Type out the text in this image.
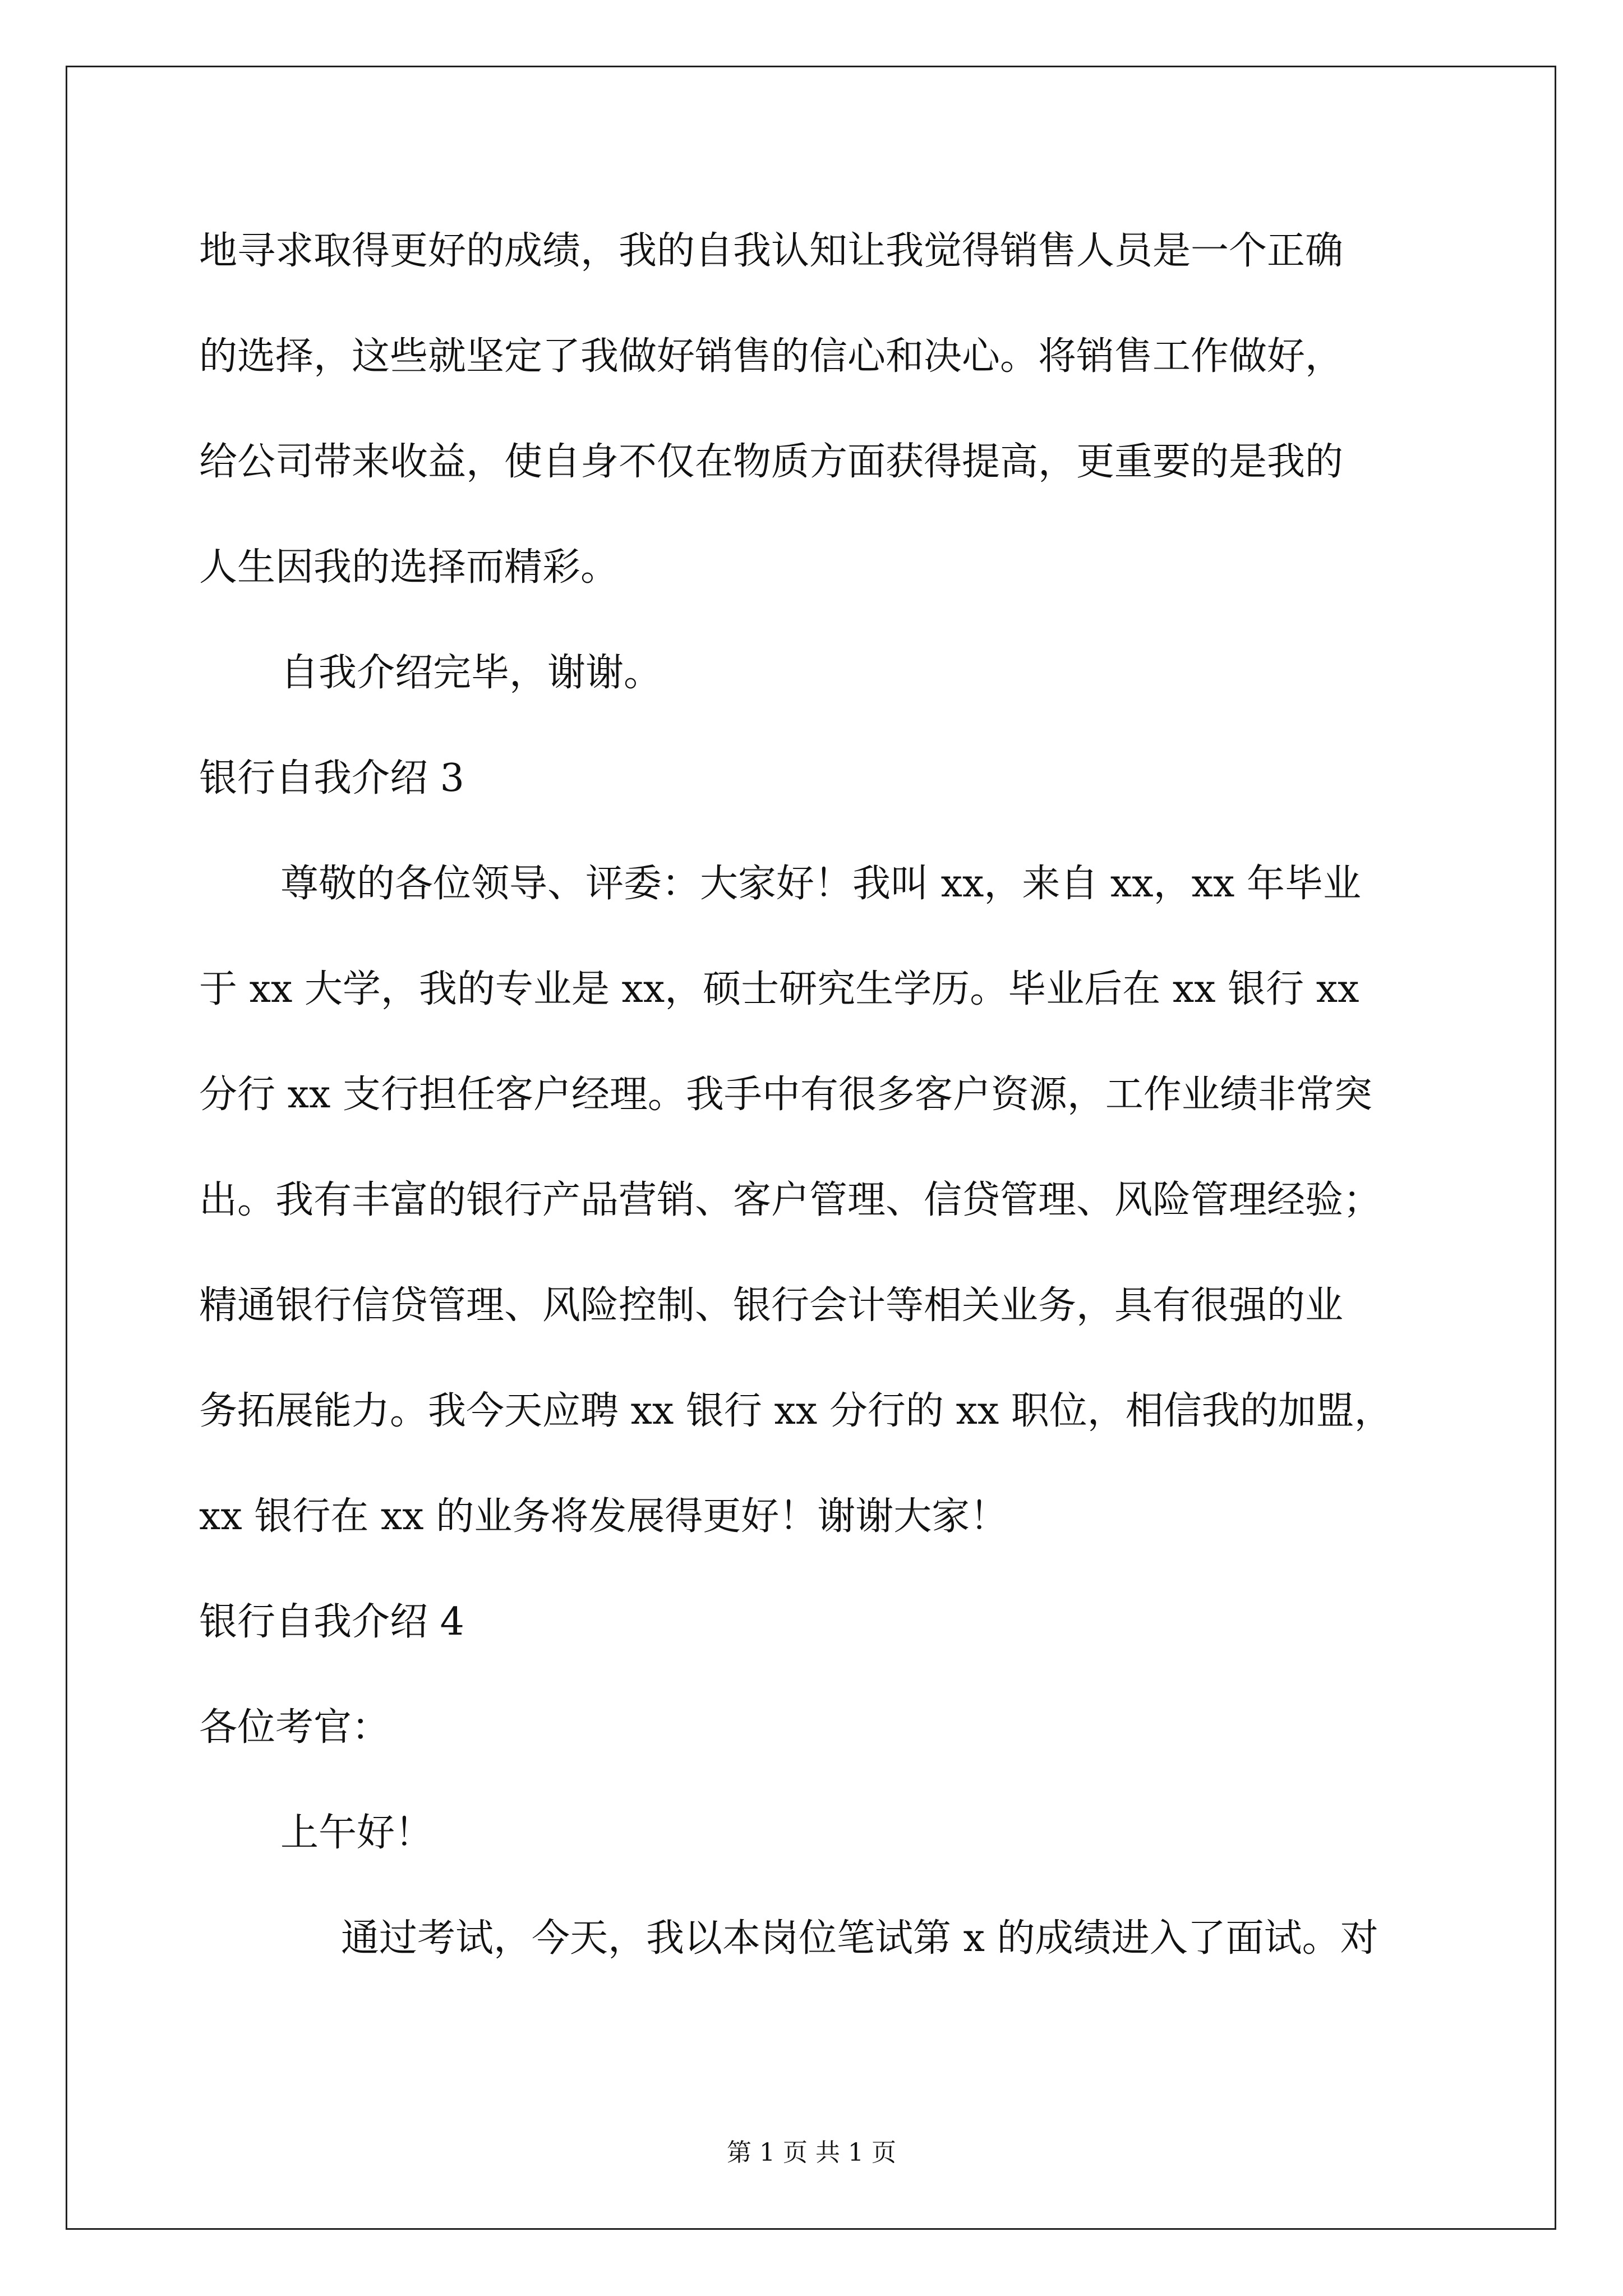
地寻求取得更好的成绩，我的自我认知让我觉得销售人员是一个正确

的选择，这些就坚定了我做好销售的信心和决心。将销售工作做好，

给公司带来收益，使自身不仅在物质方面获得提高，更重要的是我的

人生因我的选择而精彩。

自我介绍完毕，谢谢。

银行自我介绍 3

尊敬的各位领导、评委：大家好！我叫 xx，来自 xx，xx 年毕业

于 xx 大学，我的专业是 xx，硕士研究生学历。毕业后在 xx 银行 xx

分行 xx 支行担任客户经理。我手中有很多客户资源，工作业绩非常突

出。我有丰富的银行产品营销、客户管理、信贷管理、风险管理经验；

精通银行信贷管理、风险控制、银行会计等相关业务，具有很强的业

务拓展能力。我今天应聘 xx 银行 xx 分行的 xx 职位，相信我的加盟，

xx 银行在 xx 的业务将发展得更好！谢谢大家！

银行自我介绍 4

各位考官：

上午好！

通过考试，今天，我以本岗位笔试第 x 的成绩进入了面试。对

第 1 页 共 1 页
